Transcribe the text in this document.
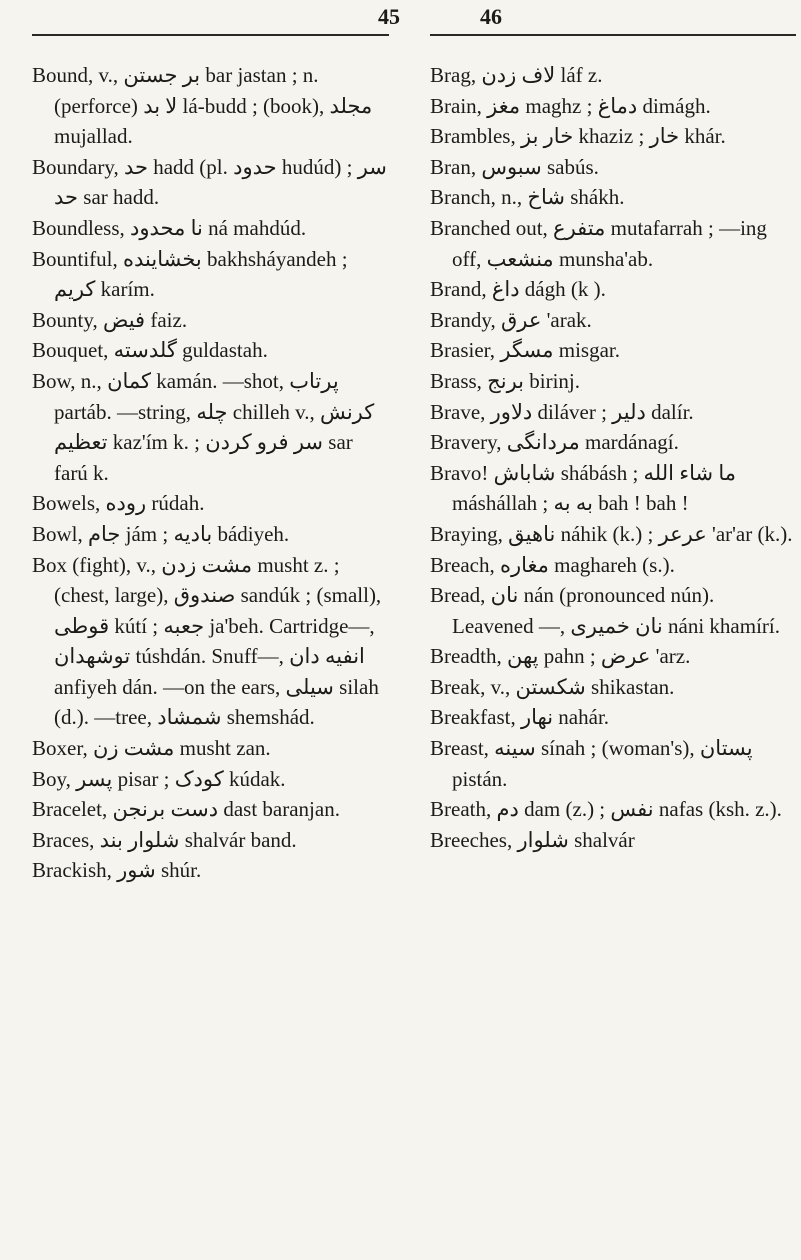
45	46
Bound, v., بر جستن bar jastan ; n. (perforce) لا بد lá-budd ; (book), مجلد mujallad.
Boundary, حد hadd (pl. حدود hudúd) ; سر حد sar hadd.
Boundless, نا محدود ná mahdúd.
Bountiful, بخشاینده bakhsháyandeh ; کریم karím.
Bounty, فیض faiz.
Bouquet, گلدسته guldastah.
Bow, n., کمان kamán. —shot, پرتاب partáb. —string, چله chilleh v., کرنش تعظیم kaz'ím k. ; سر فرو کردن sar farú k.
Bowels, روده rúdah.
Bowl, جام jám ; بادیه bádiyeh.
Box (fight), v., مشت زدن musht z. ; (chest, large), صندوق sandúk ; (small), قوطی kútí ; جعبه ja'beh. Cartridge—, توشهدان túshdán. Snuff—, انفیه دان anfiyeh dán. —on the ears, سیلی silah (d.). —tree, شمشاد shemshád.
Boxer, مشت زن musht zan.
Boy, پسر pisar ; کودک kúdak.
Bracelet, دست برنجن dast baranjan.
Braces, شلوار بند shalvár band.
Brackish, شور shúr.
Brag, لاف زدن láf z.
Brain, مغز maghz ; دماغ dimágh.
Brambles, خار بز khaziz ; خار khár.
Bran, سبوس sabús.
Branch, n., شاخ shákh.
Branched out, متفرع mutafarrah ; —ing off, منشعب munsha'ab.
Brand, داغ dágh (k ).
Brandy, عرق 'arak.
Brasier, مسگر misgar.
Brass, برنج birinj.
Brave, دلاور diláver ; دلیر dalír.
Bravery, مردانگی mardánagí.
Bravo! شاباش shábásh ; ما شاء الله máshállah ; به به bah ! bah !
Braying, ناهیق náhik (k.) ; عرعر 'ar'ar (k.).
Breach, مغاره maghareh (s.).
Bread, نان nán (pronounced nún). Leavened —, نان خمیری náni khamírí.
Breadth, پهن pahn ; عرض 'arz.
Break, v., شکستن shikastan.
Breakfast, نهار nahár.
Breast, سینه sínah ; (woman's), پستان pistán.
Breath, دم dam (z.) ; نفس nafas (ksh. z.).
Breeches, شلوار shalvár
